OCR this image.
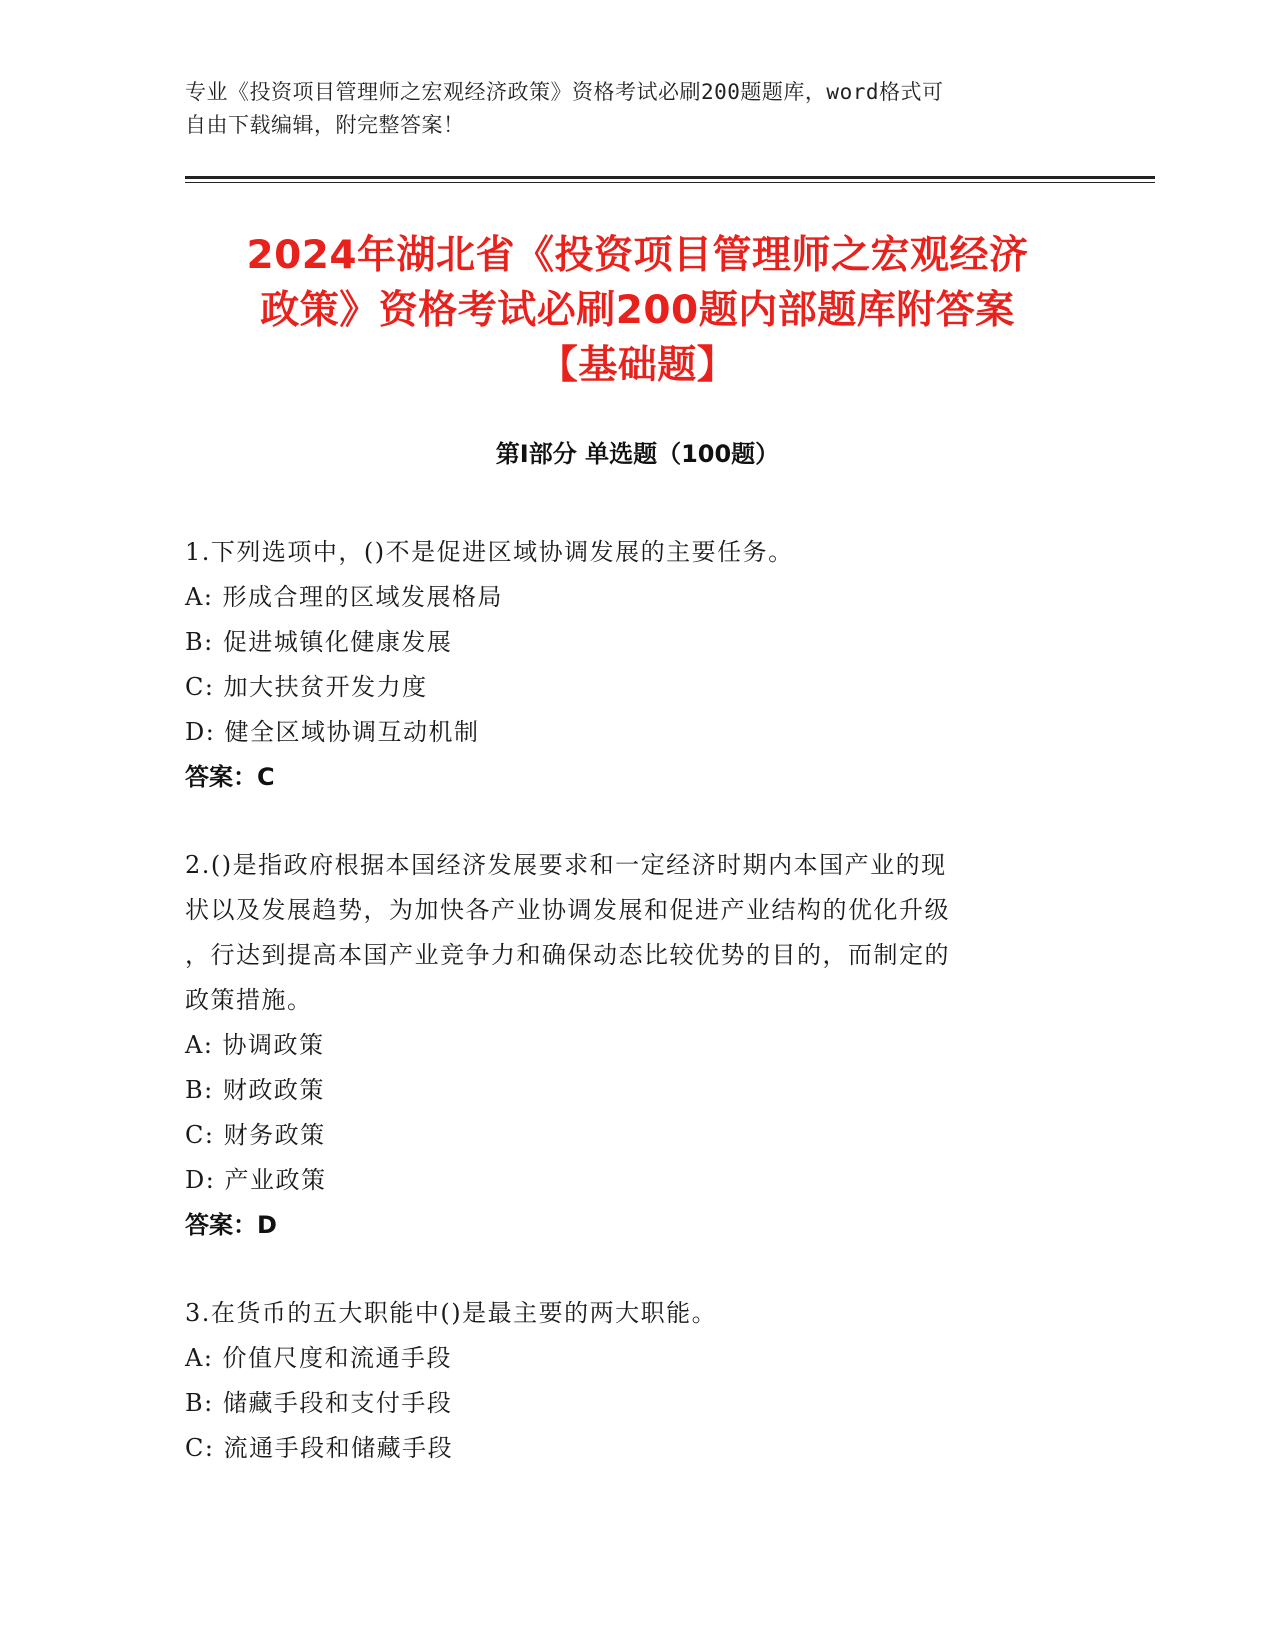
专业《投资项目管理师之宏观经济政策》资格考试必刷200题题库，word格式可
自由下载编辑，附完整答案！
2024年湖北省《投资项目管理师之宏观经济
政策》资格考试必刷200题内部题库附答案
【基础题】
第I部分 单选题（100题）
1.下列选项中，()不是促进区域协调发展的主要任务。
A: 形成合理的区域发展格局
B: 促进城镇化健康发展
C: 加大扶贫开发力度
D: 健全区域协调互动机制
答案：C
2.()是指政府根据本国经济发展要求和一定经济时期内本国产业的现
状以及发展趋势，为加快各产业协调发展和促进产业结构的优化升级
，行达到提高本国产业竞争力和确保动态比较优势的目的，而制定的
政策措施。
A: 协调政策
B: 财政政策
C: 财务政策
D: 产业政策
答案：D
3.在货币的五大职能中()是最主要的两大职能。
A: 价值尺度和流通手段
B: 储藏手段和支付手段
C: 流通手段和储藏手段
